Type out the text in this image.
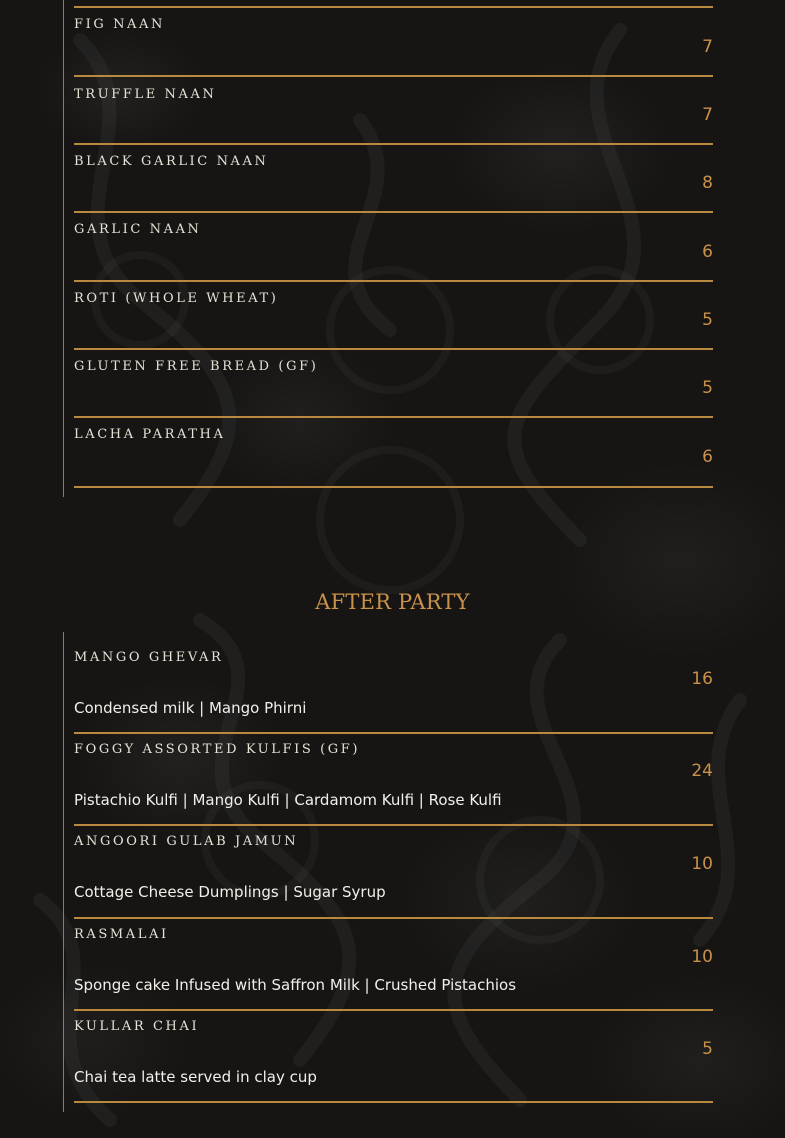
FIG NAAN
7
TRUFFLE NAAN
7
BLACK GARLIC NAAN
8
GARLIC NAAN
6
ROTI (WHOLE WHEAT)
5
GLUTEN FREE BREAD (GF)
5
LACHA PARATHA
6
AFTER PARTY
MANGO GHEVAR
16
Condensed milk | Mango Phirni
FOGGY ASSORTED KULFIS (GF)
24
Pistachio Kulfi | Mango Kulfi | Cardamom Kulfi | Rose Kulfi
ANGOORI GULAB JAMUN
10
Cottage Cheese Dumplings | Sugar Syrup
RASMALAI
10
Sponge cake Infused with Saffron Milk | Crushed Pistachios
KULLAR CHAI
5
Chai tea latte served in clay cup
